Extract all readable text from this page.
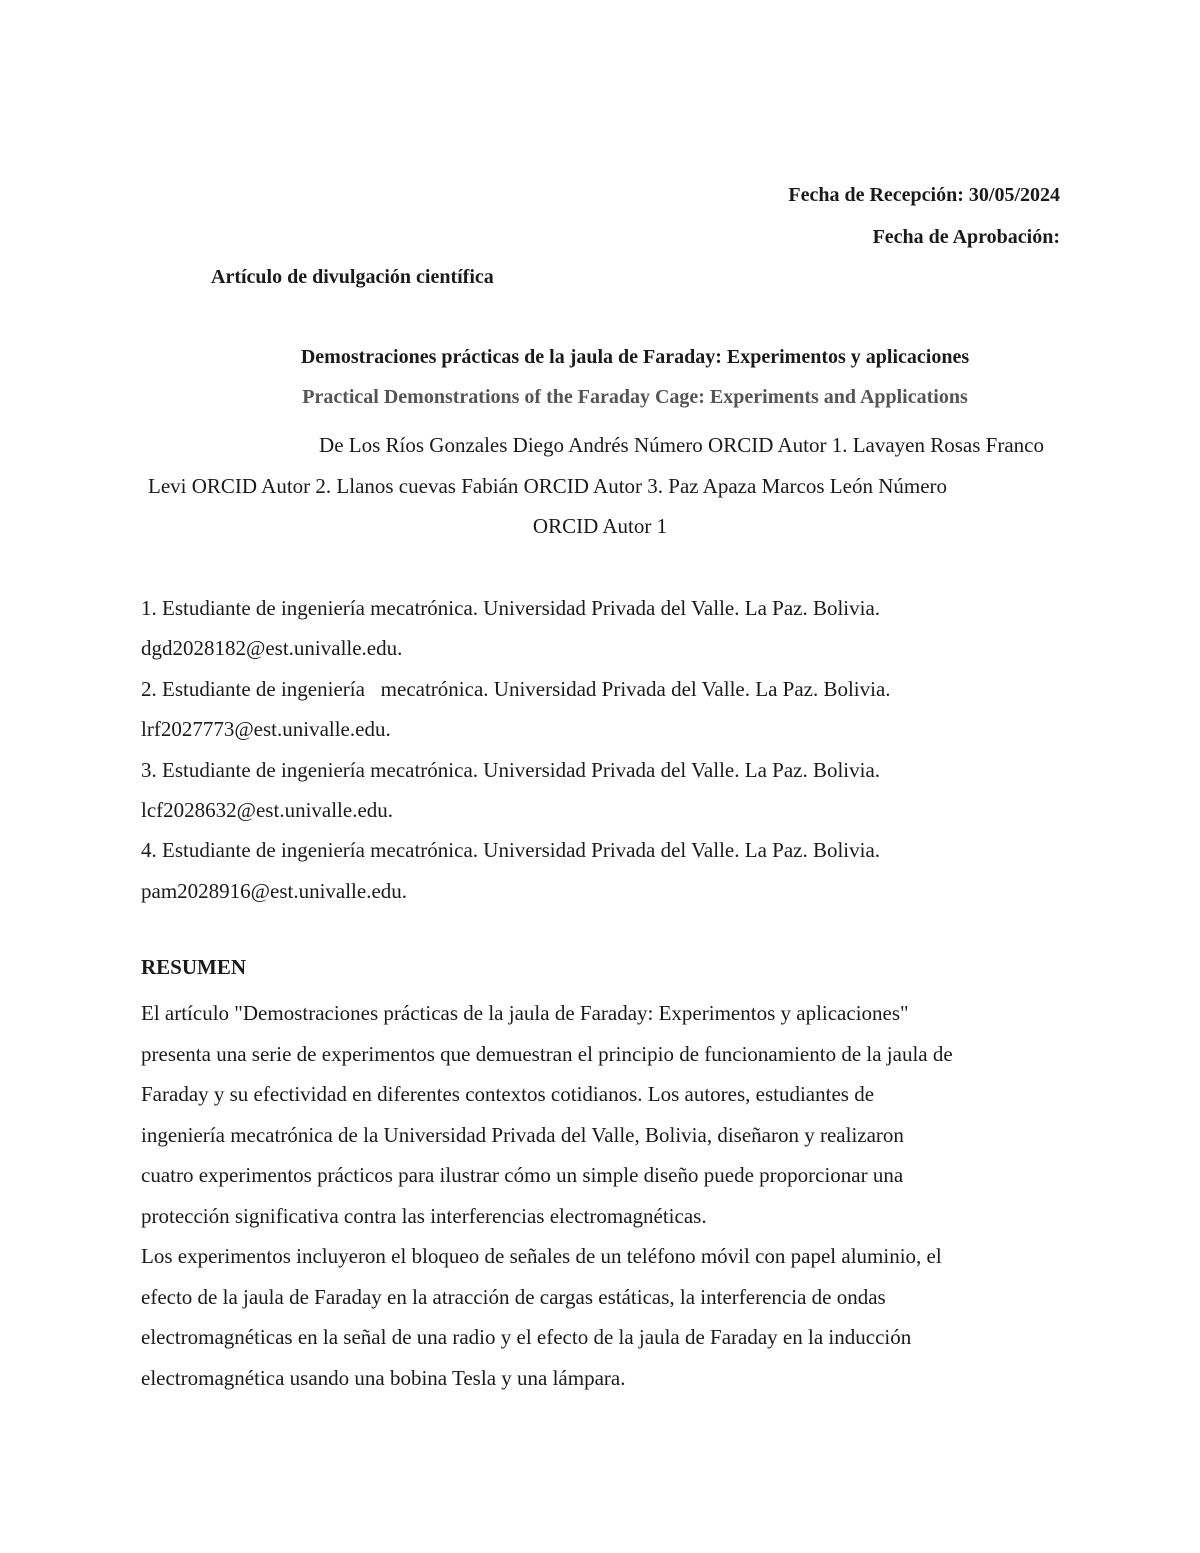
Fecha de Recepción: 30/05/2024
Fecha de Aprobación:
Artículo de divulgación científica
Demostraciones prácticas de la jaula de Faraday: Experimentos y aplicaciones
Practical Demonstrations of the Faraday Cage: Experiments and Applications

De Los Ríos Gonzales Diego Andrés Número ORCID Autor 1. Lavayen Rosas Franco

Levi ORCID Autor 2. Llanos cuevas Fabián ORCID Autor 3. Paz Apaza Marcos León Número

ORCID Autor 1

1. Estudiante de ingeniería mecatrónica. Universidad Privada del Valle. La Paz. Bolivia.
dgd2028182@est.univalle.edu.
2. Estudiante de ingeniería   mecatrónica. Universidad Privada del Valle. La Paz. Bolivia.
lrf2027773@est.univalle.edu.
3. Estudiante de ingeniería mecatrónica. Universidad Privada del Valle. La Paz. Bolivia.
lcf2028632@est.univalle.edu.
4. Estudiante de ingeniería mecatrónica. Universidad Privada del Valle. La Paz. Bolivia.
pam2028916@est.univalle.edu.
RESUMEN
El artículo "Demostraciones prácticas de la jaula de Faraday: Experimentos y aplicaciones"
presenta una serie de experimentos que demuestran el principio de funcionamiento de la jaula de
Faraday y su efectividad en diferentes contextos cotidianos. Los autores, estudiantes de
ingeniería mecatrónica de la Universidad Privada del Valle, Bolivia, diseñaron y realizaron
cuatro experimentos prácticos para ilustrar cómo un simple diseño puede proporcionar una
protección significativa contra las interferencias electromagnéticas.
Los experimentos incluyeron el bloqueo de señales de un teléfono móvil con papel aluminio, el
efecto de la jaula de Faraday en la atracción de cargas estáticas, la interferencia de ondas
electromagnéticas en la señal de una radio y el efecto de la jaula de Faraday en la inducción
electromagnética usando una bobina Tesla y una lámpara.
